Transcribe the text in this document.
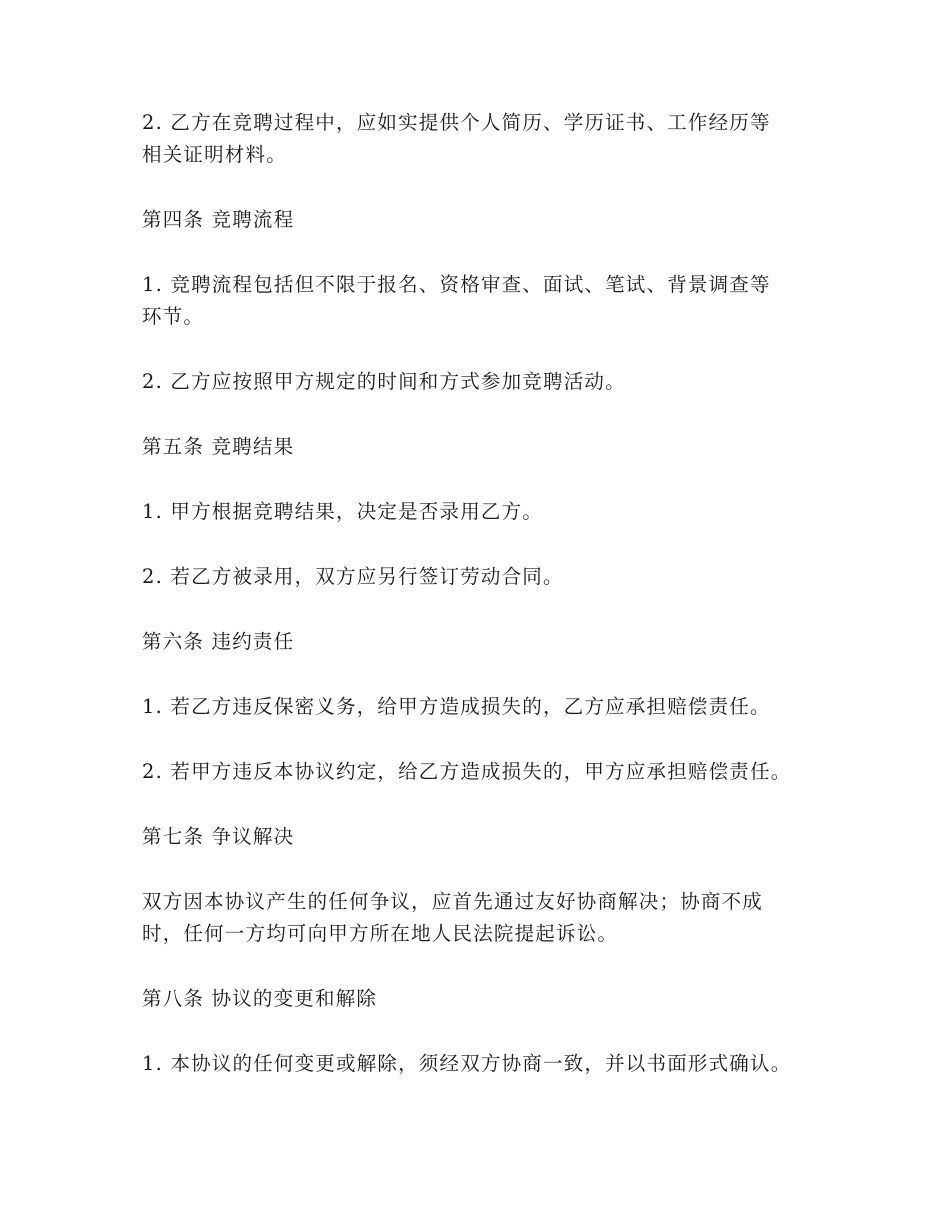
2. 乙方在竞聘过程中，应如实提供个人简历、学历证书、工作经历等
相关证明材料。

第四条 竞聘流程

1. 竞聘流程包括但不限于报名、资格审查、面试、笔试、背景调查等
环节。

2. 乙方应按照甲方规定的时间和方式参加竞聘活动。

第五条 竞聘结果

1. 甲方根据竞聘结果，决定是否录用乙方。

2. 若乙方被录用，双方应另行签订劳动合同。

第六条 违约责任

1. 若乙方违反保密义务，给甲方造成损失的，乙方应承担赔偿责任。

2. 若甲方违反本协议约定，给乙方造成损失的，甲方应承担赔偿责任。

第七条 争议解决

双方因本协议产生的任何争议，应首先通过友好协商解决；协商不成
时，任何一方均可向甲方所在地人民法院提起诉讼。

第八条 协议的变更和解除

1. 本协议的任何变更或解除，须经双方协商一致，并以书面形式确认。
